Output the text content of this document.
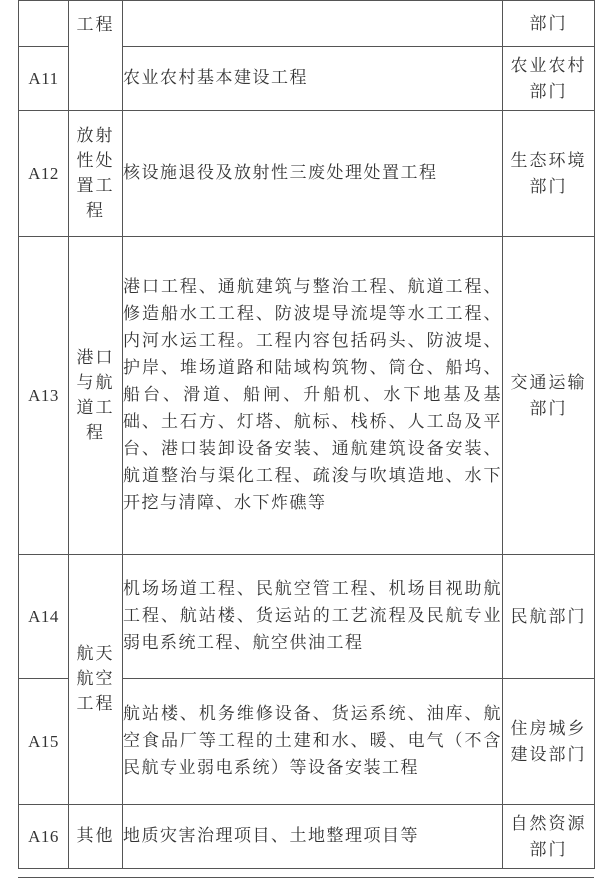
	工程		部门
A11		农业农村基本建设工程	农业农村部门
A12	放射性处置工程	核设施退役及放射性三废处理处置工程	生态环境部门
A13	港口与航道工程	港口工程、通航建筑与整治工程、航道工程、修造船水工工程、防波堤导流堤等水工工程、内河水运工程。工程内容包括码头、防波堤、护岸、堆场道路和陆域构筑物、筒仓、船坞、船台、滑道、船闸、升船机、水下地基及基础、土石方、灯塔、航标、栈桥、人工岛及平台、港口装卸设备安装、通航建筑设备安装、航道整治与渠化工程、疏浚与吹填造地、水下开挖与清障、水下炸礁等	交通运输部门
A14	航天航空工程	机场场道工程、民航空管工程、机场目视助航工程、航站楼、货运站的工艺流程及民航专业弱电系统工程、航空供油工程	民航部门
A15		航站楼、机务维修设备、货运系统、油库、航空食品厂等工程的土建和水、暖、电气（不含民航专业弱电系统）等设备安装工程	住房城乡建设部门
A16	其他	地质灾害治理项目、土地整理项目等	自然资源部门
